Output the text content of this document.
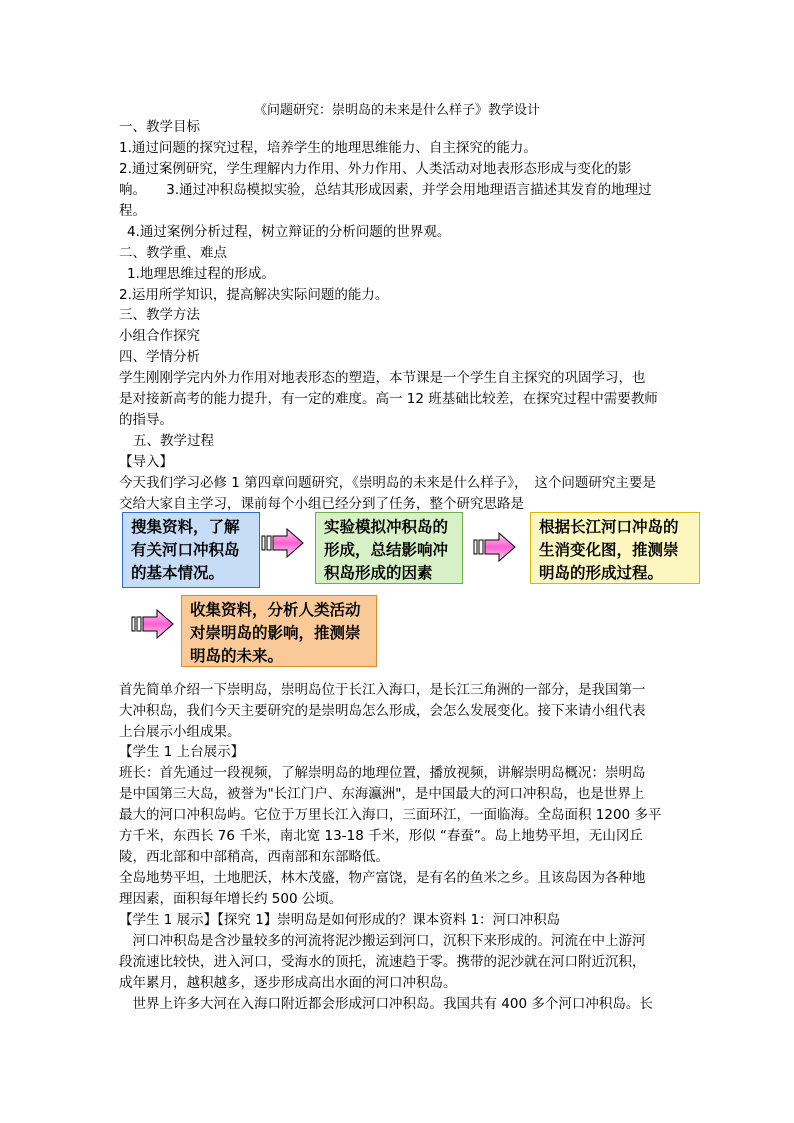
《问题研究：崇明岛的未来是什么样子》教学设计
一、教学目标
1.通过问题的探究过程，培养学生的地理思维能力、自主探究的能力。
2.通过案例研究，学生理解内力作用、外力作用、人类活动对地表形态形成与变化的影
响。　　3.通过冲积岛模拟实验，总结其形成因素，并学会用地理语言描述其发育的地理过
程。
4.通过案例分析过程，树立辩证的分析问题的世界观。
二、教学重、难点
1.地理思维过程的形成。
2.运用所学知识，提高解决实际问题的能力。
三、教学方法
小组合作探究
四、学情分析
学生刚刚学完内外力作用对地表形态的塑造，本节课是一个学生自主探究的巩固学习，也
是对接新高考的能力提升，有一定的难度。高一 12 班基础比较差，在探究过程中需要教师
的指导。
五、教学过程
【导入】
今天我们学习必修 1 第四章问题研究，《崇明岛的未来是什么样子》，　这个问题研究主要是
交给大家自主学习，课前每个小组已经分到了任务，整个研究思路是
搜集资料，了解有关河口冲积岛的基本情况。
实验模拟冲积岛的形成，总结影响冲积岛形成的因素
根据长江河口冲岛的生消变化图，推测崇明岛的形成过程。
收集资料，分析人类活动对崇明岛的影响，推测崇明岛的未来。
首先简单介绍一下崇明岛，崇明岛位于长江入海口，是长江三角洲的一部分，是我国第一
大冲积岛，我们今天主要研究的是崇明岛怎么形成，会怎么发展变化。接下来请小组代表
上台展示小组成果。
【学生 1 上台展示】
班长：首先通过一段视频，了解崇明岛的地理位置，播放视频，讲解崇明岛概况：崇明岛
是中国第三大岛，被誉为"长江门户、东海瀛洲"，是中国最大的河口冲积岛，也是世界上
最大的河口冲积岛屿。它位于万里长江入海口，三面环江，一面临海。全岛面积 1200 多平
方千米，东西长 76 千米，南北宽 13-18 千米，形似 “春蚕”。岛上地势平坦，无山冈丘
陵，西北部和中部稍高，西南部和东部略低。
全岛地势平坦，土地肥沃，林木茂盛，物产富饶，是有名的鱼米之乡。且该岛因为各种地
理因素，面积每年增长约 500 公顷。
【学生 1 展示】【探究 1】崇明岛是如何形成的？课本资料 1：河口冲积岛
　河口冲积岛是含沙量较多的河流将泥沙搬运到河口，沉积下来形成的。河流在中上游河
段流速比较快，进入河口，受海水的顶托，流速趋于零。携带的泥沙就在河口附近沉积，
成年累月，越积越多，逐步形成高出水面的河口冲积岛。
　世界上许多大河在入海口附近都会形成河口冲积岛。我国共有 400 多个河口冲积岛。长
